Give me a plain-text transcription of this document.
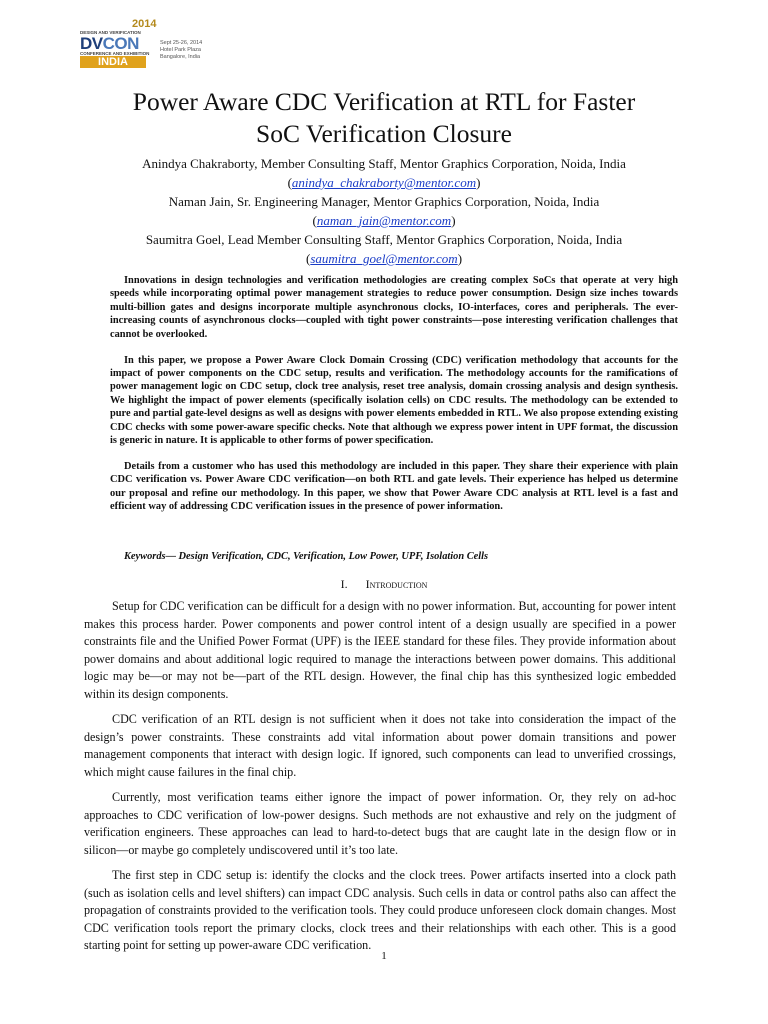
2014
DESIGN AND VERIFICATION
DVCON
CONFERENCE AND EXHIBITION
INDIA
Sept 25-26, 2014
Hotel Park Plaza
Bangalore, India
Power Aware CDC Verification at RTL for Faster
SoC Verification Closure
Anindya Chakraborty, Member Consulting Staff, Mentor Graphics Corporation, Noida, India
(anindya_chakraborty@mentor.com)
Naman Jain, Sr. Engineering Manager, Mentor Graphics Corporation, Noida, India
(naman_jain@mentor.com)
Saumitra Goel, Lead Member Consulting Staff, Mentor Graphics Corporation, Noida, India
(saumitra_goel@mentor.com)

Innovations in design technologies and verification methodologies are creating complex SoCs that operate at very high speeds while incorporating optimal power management strategies to reduce power consumption. Design size inches towards multi-billion gates and designs incorporate multiple asynchronous clocks, IO-interfaces, cores and peripherals. The ever-increasing counts of asynchronous clocks—coupled with tight power constraints—pose interesting verification challenges that cannot be overlooked.

In this paper, we propose a Power Aware Clock Domain Crossing (CDC) verification methodology that accounts for the impact of power components on the CDC setup, results and verification. The methodology accounts for the ramifications of power management logic on CDC setup, clock tree analysis, reset tree analysis, domain crossing analysis and design synthesis. We highlight the impact of power elements (specifically isolation cells) on CDC results. The methodology can be extended to pure and partial gate-level designs as well as designs with power elements embedded in RTL. We also propose extending existing CDC checks with some power-aware specific checks. Note that although we express power intent in UPF format, the discussion is generic in nature. It is applicable to other forms of power specification.

Details from a customer who has used this methodology are included in this paper. They share their experience with plain CDC verification vs. Power Aware CDC verification—on both RTL and gate levels. Their experience has helped us determine our proposal and refine our methodology. In this paper, we show that Power Aware CDC analysis at RTL level is a fast and efficient way of addressing CDC verification issues in the presence of power information.

Keywords— Design Verification, CDC, Verification, Low Power, UPF, Isolation Cells
I. Introduction

Setup for CDC verification can be difficult for a design with no power information. But, accounting for power intent makes this process harder. Power components and power control intent of a design usually are specified in a power constraints file and the Unified Power Format (UPF) is the IEEE standard for these files. They provide information about power domains and about additional logic required to manage the interactions between power domains. This additional logic may be—or may not be—part of the RTL design. However, the final chip has this synthesized logic embedded within its design components.

CDC verification of an RTL design is not sufficient when it does not take into consideration the impact of the design’s power constraints. These constraints add vital information about power domain transitions and power management components that interact with design logic. If ignored, such components can lead to unverified crossings, which might cause failures in the final chip.

Currently, most verification teams either ignore the impact of power information. Or, they rely on ad-hoc approaches to CDC verification of low-power designs. Such methods are not exhaustive and rely on the judgment of verification engineers. These approaches can lead to hard-to-detect bugs that are caught late in the design flow or in silicon—or maybe go completely undiscovered until it’s too late.

The first step in CDC setup is: identify the clocks and the clock trees. Power artifacts inserted into a clock path (such as isolation cells and level shifters) can impact CDC analysis. Such cells in data or control paths also can affect the propagation of constraints provided to the verification tools. They could produce unforeseen clock domain changes. Most CDC verification tools report the primary clocks, clock trees and their relationships with each other. This is a good starting point for setting up power-aware CDC verification.

1
